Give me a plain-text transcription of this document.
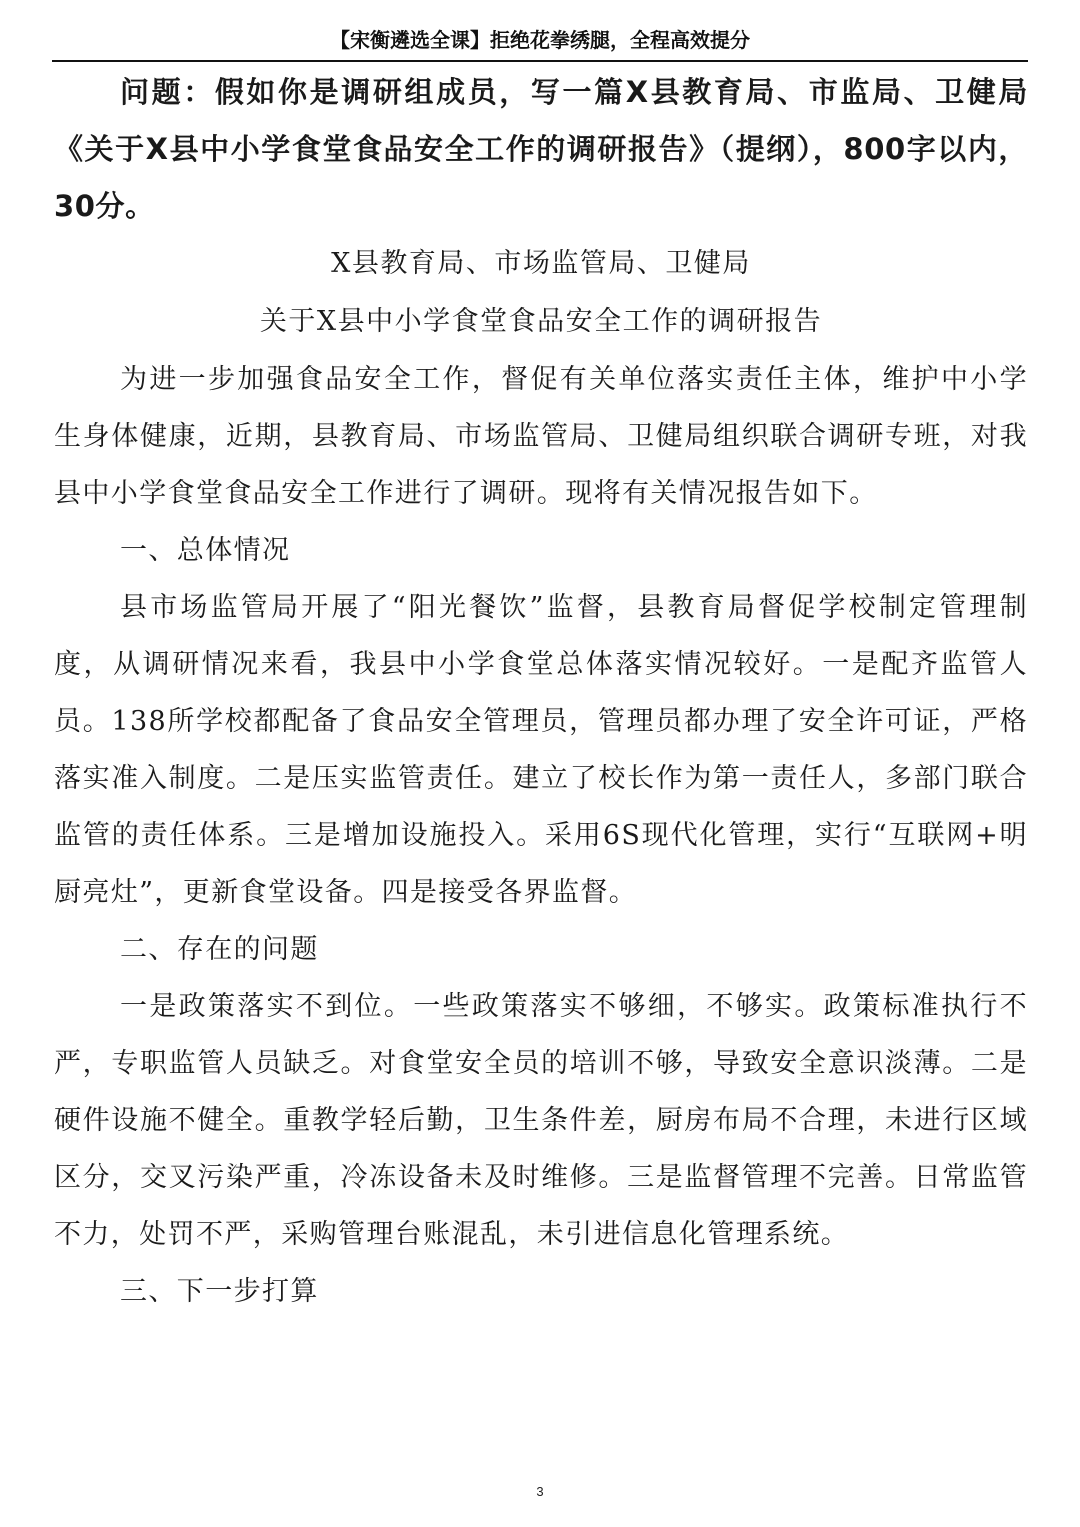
【宋衡遴选全课】拒绝花拳绣腿，全程高效提分

问题：假如你是调研组成员，写一篇X县教育局、市监局、卫健局《关于X县中小学食堂食品安全工作的调研报告》（提纲），800字以内，30分。

X县教育局、市场监管局、卫健局

关于X县中小学食堂食品安全工作的调研报告

为进一步加强食品安全工作，督促有关单位落实责任主体，维护中小学生身体健康，近期，县教育局、市场监管局、卫健局组织联合调研专班，对我县中小学食堂食品安全工作进行了调研。现将有关情况报告如下。

一、总体情况

县市场监管局开展了“阳光餐饮”监督，县教育局督促学校制定管理制度，从调研情况来看，我县中小学食堂总体落实情况较好。一是配齐监管人员。138所学校都配备了食品安全管理员，管理员都办理了安全许可证，严格落实准入制度。二是压实监管责任。建立了校长作为第一责任人，多部门联合监管的责任体系。三是增加设施投入。采用6S现代化管理，实行“互联网+明厨亮灶”，更新食堂设备。四是接受各界监督。

二、存在的问题

一是政策落实不到位。一些政策落实不够细，不够实。政策标准执行不严，专职监管人员缺乏。对食堂安全员的培训不够，导致安全意识淡薄。二是硬件设施不健全。重教学轻后勤，卫生条件差，厨房布局不合理，未进行区域区分，交叉污染严重，冷冻设备未及时维修。三是监督管理不完善。日常监管不力，处罚不严，采购管理台账混乱，未引进信息化管理系统。

三、下一步打算

3
